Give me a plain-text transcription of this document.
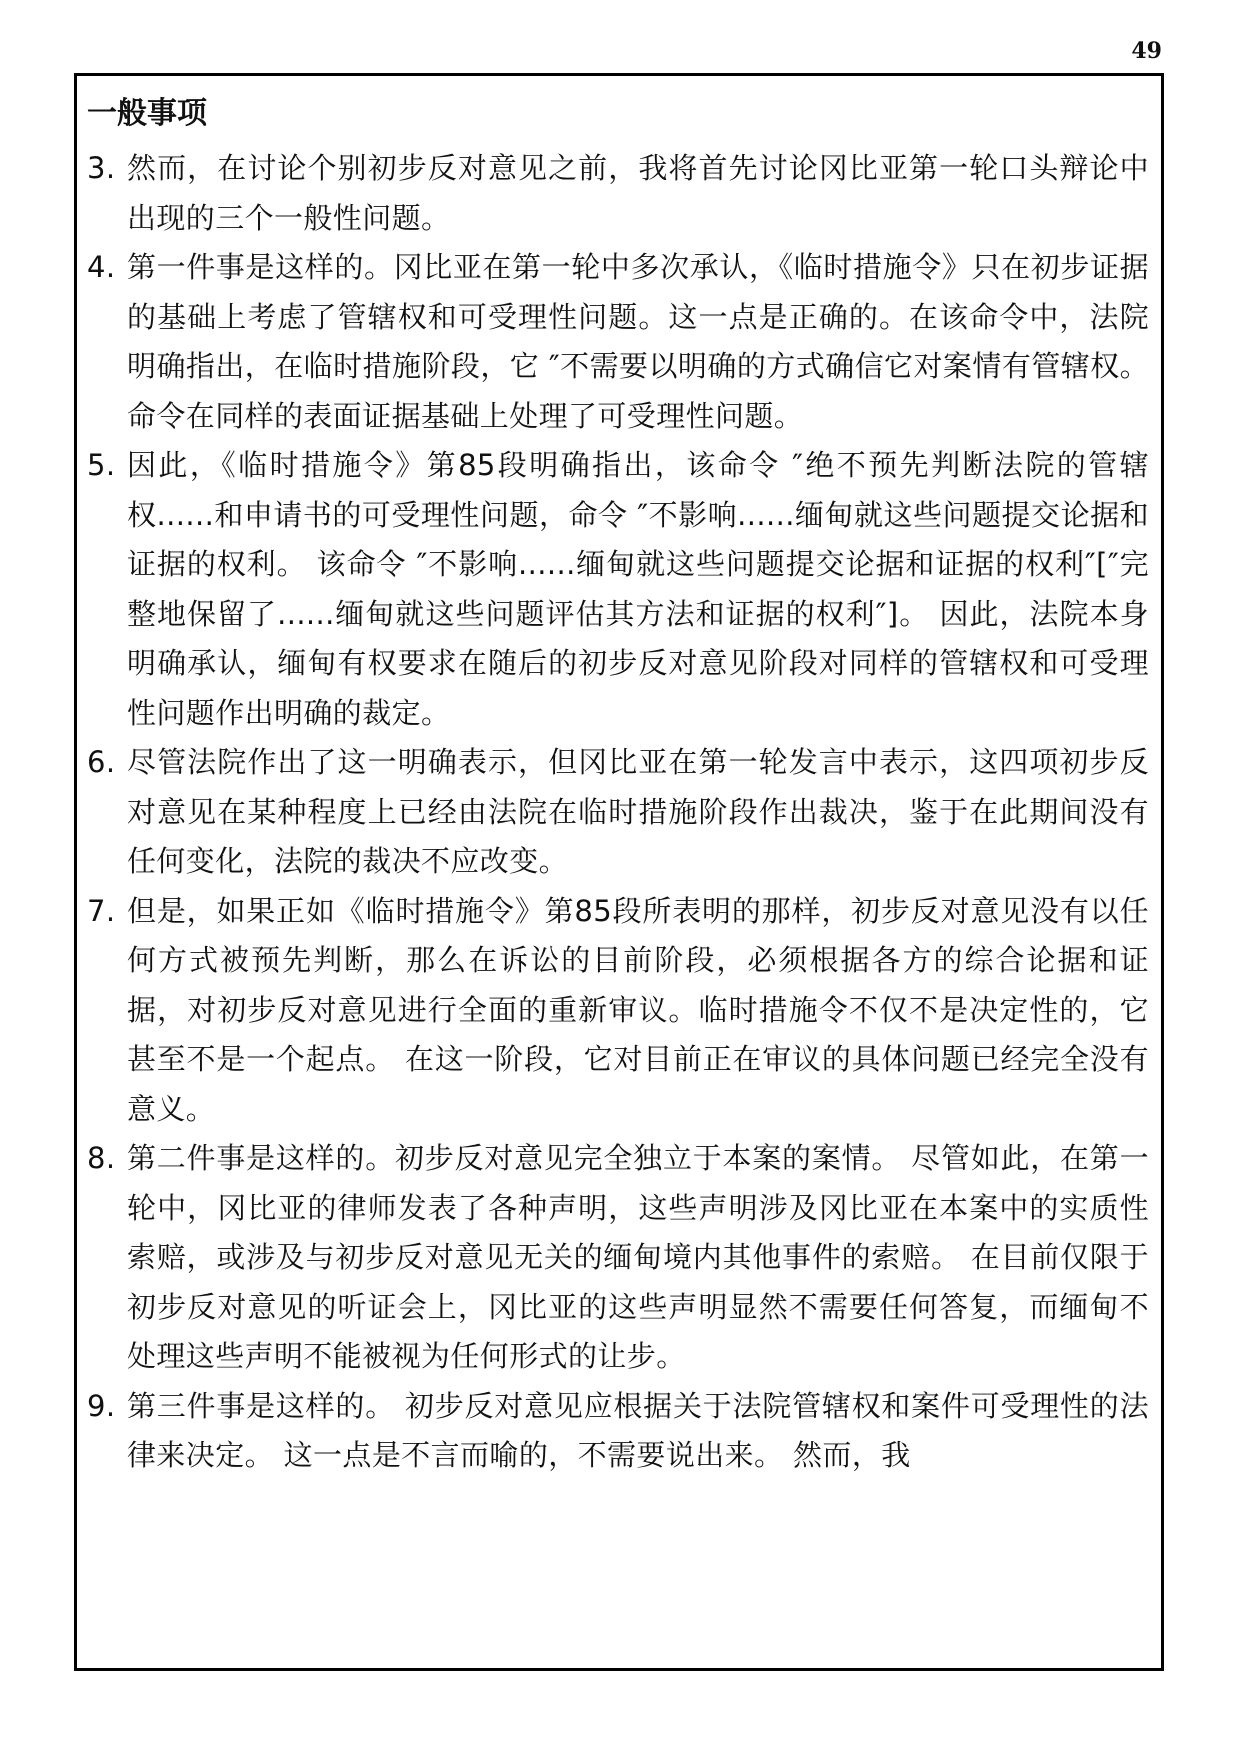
49
一般事项
3. 然而，在讨论个别初步反对意见之前，我将首先讨论冈比亚第一轮口头辩论中出现的三个一般性问题。
4. 第一件事是这样的。冈比亚在第一轮中多次承认，《临时措施令》只在初步证据的基础上考虑了管辖权和可受理性问题。这一点是正确的。在该命令中，法院明确指出，在临时措施阶段，它 ″不需要以明确的方式确信它对案情有管辖权。命令在同样的表面证据基础上处理了可受理性问题。
5. 因此，《临时措施令》第85段明确指出，该命令 ″绝不预先判断法院的管辖权......和申请书的可受理性问题，命令 ″不影响......缅甸就这些问题提交论据和证据的权利。 该命令 ″不影响......缅甸就这些问题提交论据和证据的权利″[″完整地保留了......缅甸就这些问题评估其方法和证据的权利″]。 因此，法院本身明确承认，缅甸有权要求在随后的初步反对意见阶段对同样的管辖权和可受理性问题作出明确的裁定。
6. 尽管法院作出了这一明确表示，但冈比亚在第一轮发言中表示，这四项初步反对意见在某种程度上已经由法院在临时措施阶段作出裁决，鉴于在此期间没有任何变化，法院的裁决不应改变。
7. 但是，如果正如《临时措施令》第85段所表明的那样，初步反对意见没有以任何方式被预先判断，那么在诉讼的目前阶段，必须根据各方的综合论据和证据，对初步反对意见进行全面的重新审议。临时措施令不仅不是决定性的，它甚至不是一个起点。 在这一阶段，它对目前正在审议的具体问题已经完全没有意义。
8. 第二件事是这样的。初步反对意见完全独立于本案的案情。 尽管如此，在第一轮中，冈比亚的律师发表了各种声明，这些声明涉及冈比亚在本案中的实质性索赔，或涉及与初步反对意见无关的缅甸境内其他事件的索赔。 在目前仅限于初步反对意见的听证会上，冈比亚的这些声明显然不需要任何答复，而缅甸不处理这些声明不能被视为任何形式的让步。
9. 第三件事是这样的。 初步反对意见应根据关于法院管辖权和案件可受理性的法律来决定。 这一点是不言而喻的，不需要说出来。 然而，我
